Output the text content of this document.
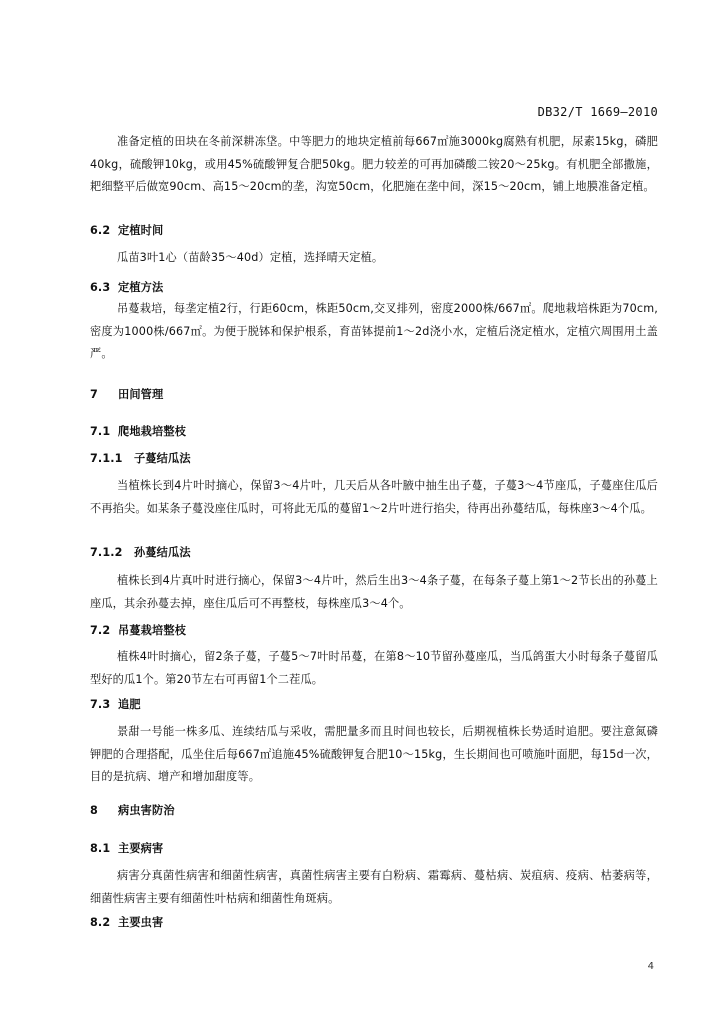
DB32/T 1669—2010

准备定植的田块在冬前深耕冻垡。中等肥力的地块定植前每667㎡施3000kg腐熟有机肥，尿素15kg，磷肥40kg，硫酸钾10kg，或用45%硫酸钾复合肥50kg。肥力较差的可再加磷酸二铵20～25kg。有机肥全部撒施，耙细整平后做宽90cm、高15～20cm的垄，沟宽50cm，化肥施在垄中间，深15～20cm，铺上地膜准备定植。

6.2 定植时间

瓜苗3叶1心（苗龄35～40d）定植，选择晴天定植。

6.3 定植方法

吊蔓栽培，每垄定植2行，行距60cm，株距50cm,交叉排列，密度2000株/667㎡。爬地栽培株距为70cm,密度为1000株/667㎡。为便于脱钵和保护根系，育苗钵提前1～2d浇小水，定植后浇定植水，定植穴周围用土盖严。

7 田间管理
7.1 爬地栽培整枝
7.1.1 子蔓结瓜法

当植株长到4片叶时摘心，保留3～4片叶，几天后从各叶腋中抽生出子蔓，子蔓3～4节座瓜，子蔓座住瓜后不再掐尖。如某条子蔓没座住瓜时，可将此无瓜的蔓留1～2片叶进行掐尖，待再出孙蔓结瓜，每株座3～4个瓜。

7.1.2 孙蔓结瓜法

植株长到4片真叶时进行摘心，保留3～4片叶，然后生出3～4条子蔓，在每条子蔓上第1～2节长出的孙蔓上座瓜，其余孙蔓去掉，座住瓜后可不再整枝，每株座瓜3～4个。

7.2 吊蔓栽培整枝

植株4叶时摘心，留2条子蔓，子蔓5～7叶时吊蔓，在第8～10节留孙蔓座瓜，当瓜鸽蛋大小时每条子蔓留瓜型好的瓜1个。第20节左右可再留1个二茬瓜。

7.3 追肥

景甜一号能一株多瓜、连续结瓜与采收，需肥量多而且时间也较长，后期视植株长势适时追肥。要注意氮磷钾肥的合理搭配，瓜坐住后每667㎡追施45%硫酸钾复合肥10～15kg，生长期间也可喷施叶面肥，每15d一次，目的是抗病、增产和增加甜度等。

8 病虫害防治
8.1 主要病害

病害分真菌性病害和细菌性病害，真菌性病害主要有白粉病、霜霉病、蔓枯病、炭疽病、疫病、枯萎病等，细菌性病害主要有细菌性叶枯病和细菌性角斑病。

8.2 主要虫害

4
